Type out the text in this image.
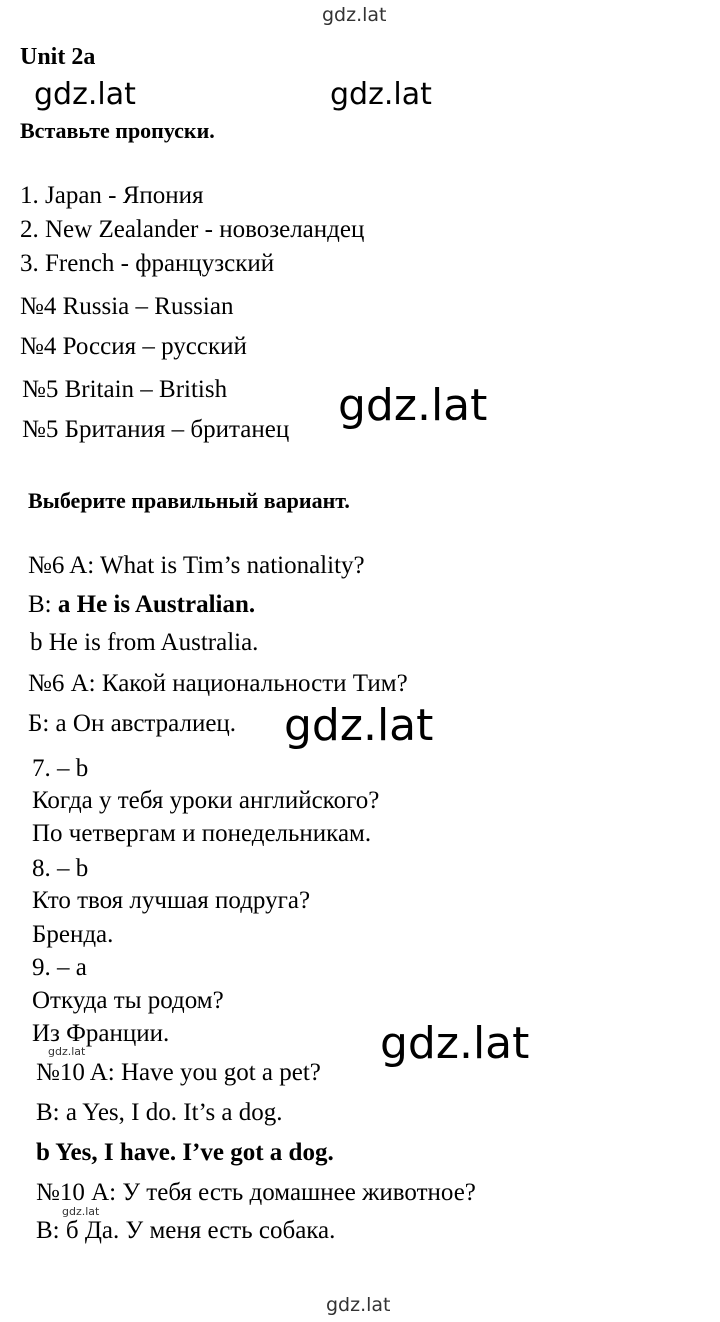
gdz.lat
gdz.lat	gdz.lat
gdz.lat
gdz.lat
gdz.lat
gdz.lat
gdz.lat
gdz.lat
Unit 2a
Вставьте пропуски.
1. Japan - Япония
2. New Zealander - новозеландец
3. French - французский
№4 Russia – Russian
№4 Россия – русский
№5 Britain – British
№5 Британия – британец
Выберите правильный вариант.
№6 A: What is Tim’s nationality?
B: a He is Australian.
b He is from Australia.
№6 А: Какой национальности Тим?
Б: а Он австралиец.
7. – b
Когда у тебя уроки английского?
По четвергам и понедельникам.
8. – b
Кто твоя лучшая подруга?
Бренда.
9. – a
Откуда ты родом?
Из Франции.
№10 A: Have you got a pet?
B: a Yes, I do. It’s a dog.
b Yes, I have. I’ve got a dog.
№10 А: У тебя есть домашнее животное?
В: б Да. У меня есть собака.
